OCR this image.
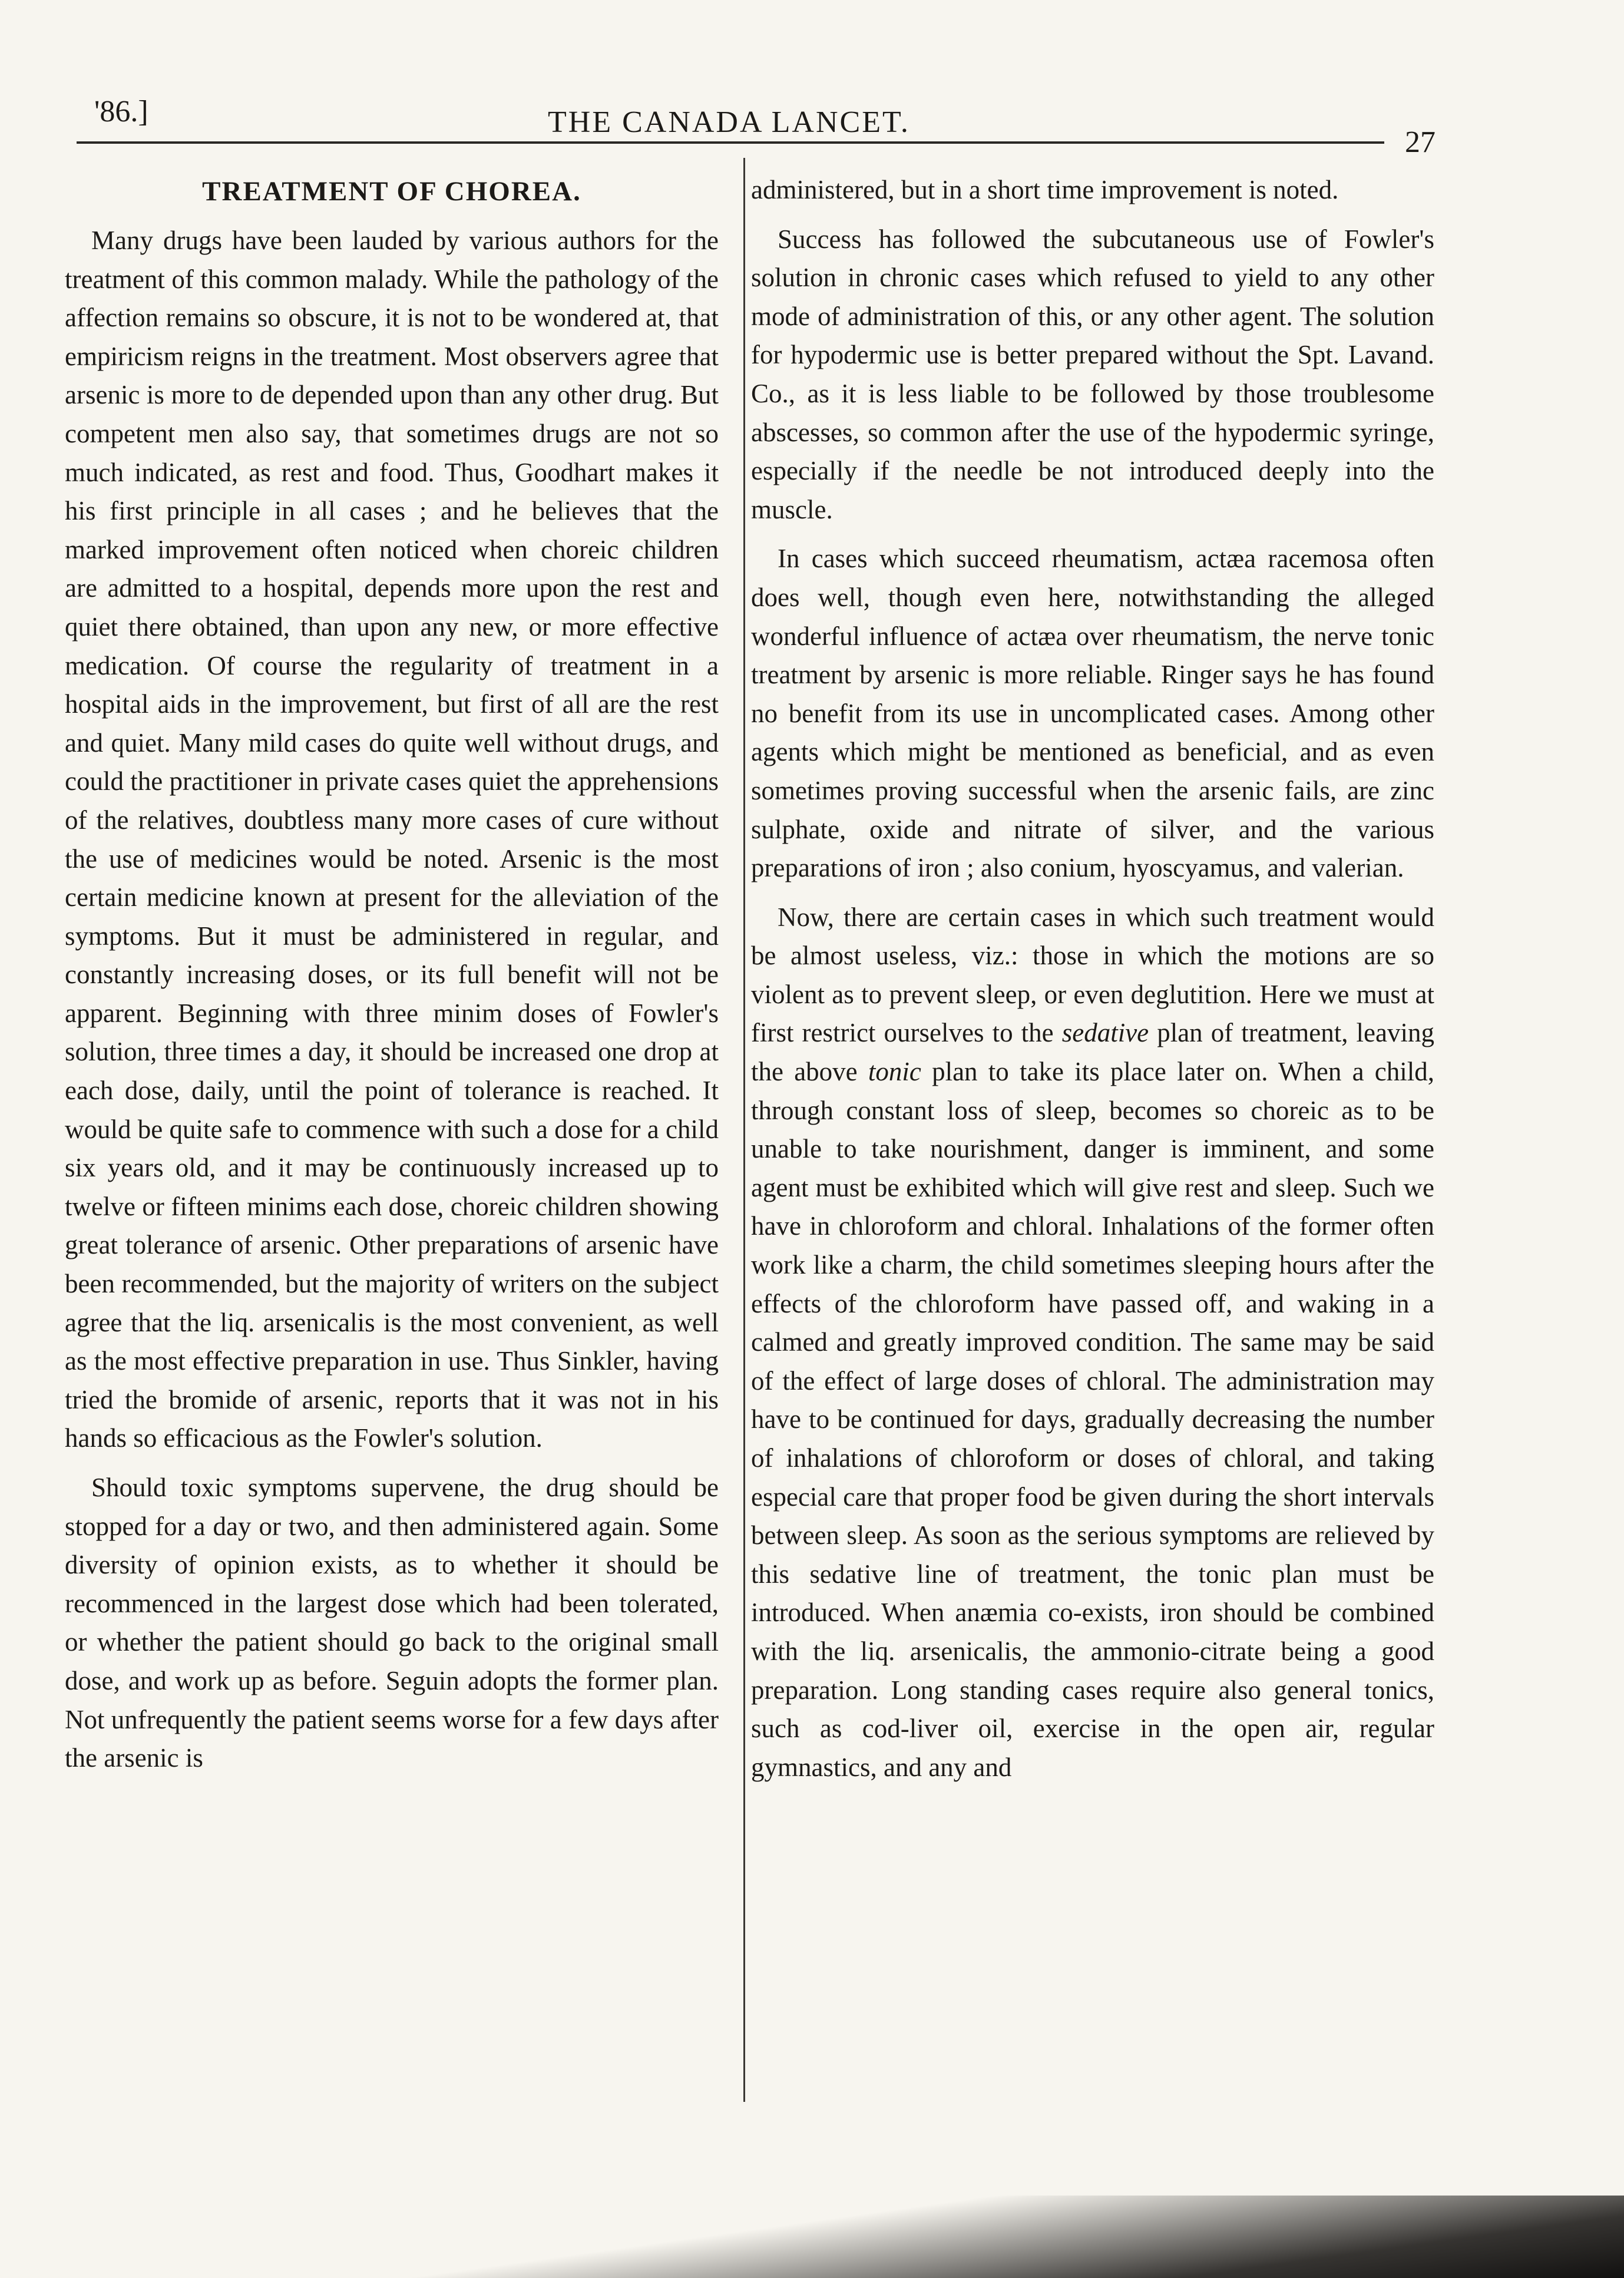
'86.]	THE CANADA LANCET.
27
TREATMENT OF CHOREA.

Many drugs have been lauded by various authors for the treatment of this common malady. While the pathology of the affection remains so obscure, it is not to be wondered at, that empiricism reigns in the treatment. Most observers agree that arsenic is more to de depended upon than any other drug. But competent men also say, that sometimes drugs are not so much indicated, as rest and food. Thus, Goodhart makes it his first principle in all cases ; and he believes that the marked improvement often noticed when choreic children are admitted to a hospital, depends more upon the rest and quiet there obtained, than upon any new, or more effective medication. Of course the regularity of treatment in a hospital aids in the improvement, but first of all are the rest and quiet. Many mild cases do quite well without drugs, and could the practitioner in private cases quiet the apprehensions of the relatives, doubtless many more cases of cure without the use of medicines would be noted. Arsenic is the most certain medicine known at present for the alleviation of the symptoms. But it must be administered in regular, and constantly increasing doses, or its full benefit will not be apparent. Beginning with three minim doses of Fowler's solution, three times a day, it should be increased one drop at each dose, daily, until the point of tolerance is reached. It would be quite safe to commence with such a dose for a child six years old, and it may be continuously increased up to twelve or fifteen minims each dose, choreic children showing great tolerance of arsenic. Other preparations of arsenic have been recommended, but the majority of writers on the subject agree that the liq. arsenicalis is the most convenient, as well as the most effective preparation in use. Thus Sinkler, having tried the bromide of arsenic, reports that it was not in his hands so efficacious as the Fowler's solution.

Should toxic symptoms supervene, the drug should be stopped for a day or two, and then administered again. Some diversity of opinion exists, as to whether it should be recommenced in the largest dose which had been tolerated, or whether the patient should go back to the original small dose, and work up as before. Seguin adopts the former plan. Not unfrequently the patient seems worse for a few days after the arsenic is

administered, but in a short time improvement is noted.

Success has followed the subcutaneous use of Fowler's solution in chronic cases which refused to yield to any other mode of administration of this, or any other agent. The solution for hypodermic use is better prepared without the Spt. Lavand. Co., as it is less liable to be followed by those troublesome abscesses, so common after the use of the hypodermic syringe, especially if the needle be not introduced deeply into the muscle.

In cases which succeed rheumatism, actæa racemosa often does well, though even here, notwithstanding the alleged wonderful influence of actæa over rheumatism, the nerve tonic treatment by arsenic is more reliable. Ringer says he has found no benefit from its use in uncomplicated cases. Among other agents which might be mentioned as beneficial, and as even sometimes proving successful when the arsenic fails, are zinc sulphate, oxide and nitrate of silver, and the various preparations of iron ; also conium, hyoscyamus, and valerian.

Now, there are certain cases in which such treatment would be almost useless, viz.: those in which the motions are so violent as to prevent sleep, or even deglutition. Here we must at first restrict ourselves to the sedative plan of treatment, leaving the above tonic plan to take its place later on. When a child, through constant loss of sleep, becomes so choreic as to be unable to take nourishment, danger is imminent, and some agent must be exhibited which will give rest and sleep. Such we have in chloroform and chloral. Inhalations of the former often work like a charm, the child sometimes sleeping hours after the effects of the chloroform have passed off, and waking in a calmed and greatly improved condition. The same may be said of the effect of large doses of chloral. The administration may have to be continued for days, gradually decreasing the number of inhalations of chloroform or doses of chloral, and taking especial care that proper food be given during the short intervals between sleep. As soon as the serious symptoms are relieved by this sedative line of treatment, the tonic plan must be introduced. When anæmia co-exists, iron should be combined with the liq. arsenicalis, the ammonio-citrate being a good preparation. Long standing cases require also general tonics, such as cod-liver oil, exercise in the open air, regular gymnastics, and any and
